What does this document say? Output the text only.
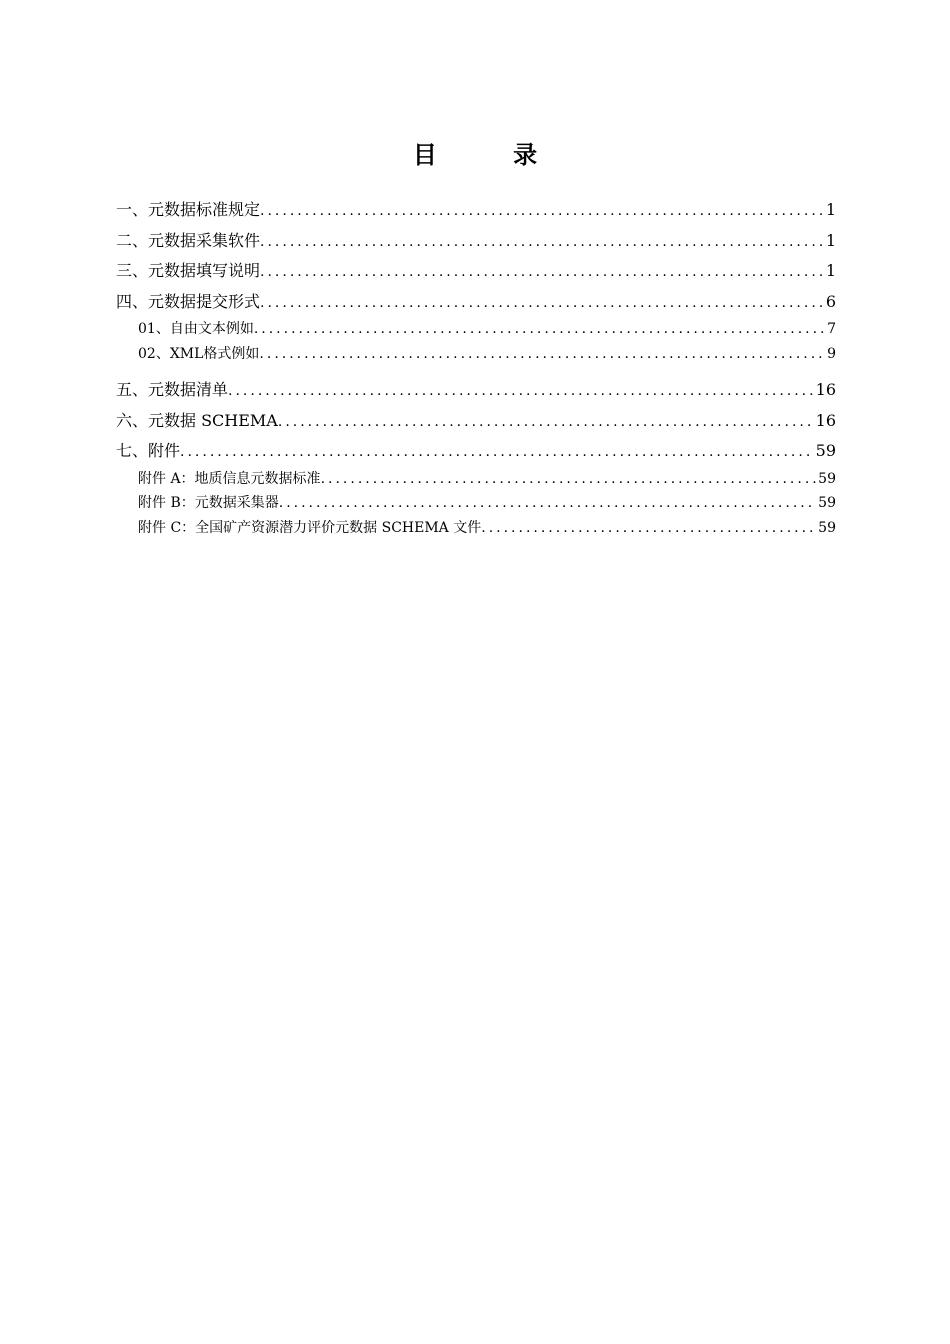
目 录
一、元数据标准规定 .....	1
二、元数据采集软件 .....	1
三、元数据填写说明 .....	1
四、元数据提交形式 .....	6
01、自由文本例如 .....	7
02、XML格式例如 .....	9
五、元数据清单 .....	16
六、元数据 SCHEMA .....	16
七、附件 .....	59
附件 A：地质信息元数据标准 .....	59
附件 B：元数据采集器 .....	59
附件 C：全国矿产资源潜力评价元数据 SCHEMA 文件 .....	59
